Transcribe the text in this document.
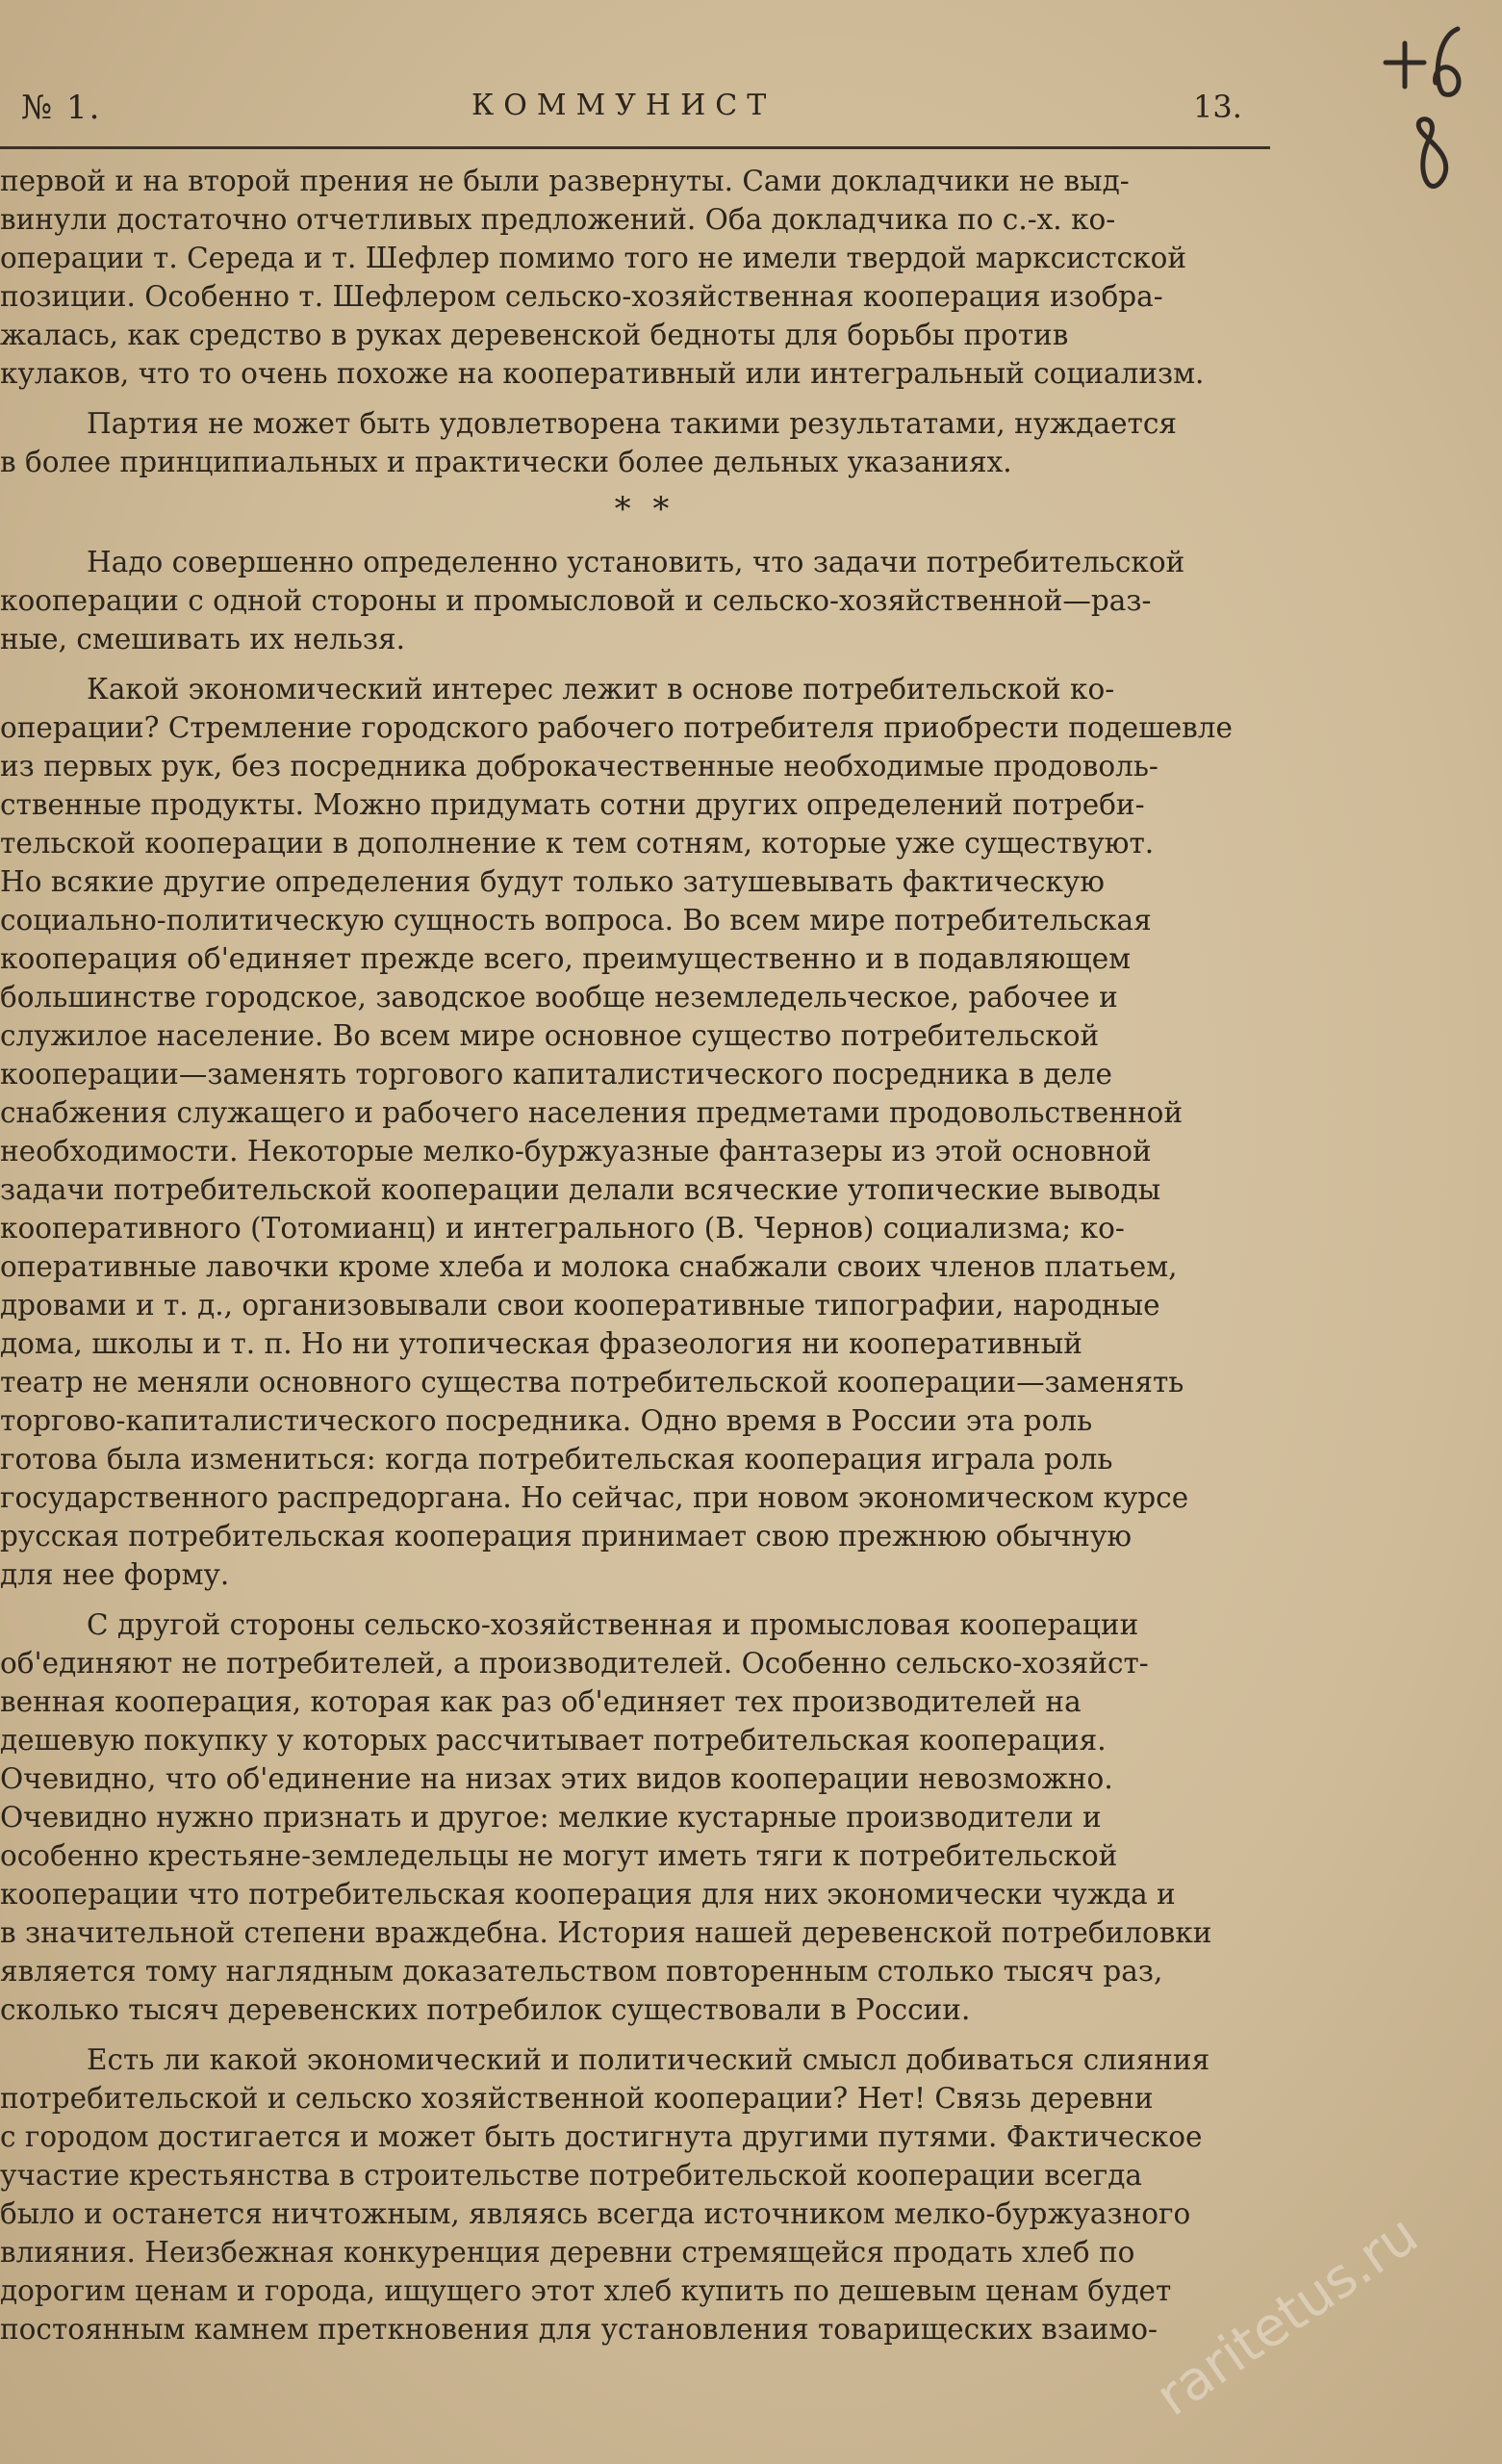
№ 1.	КОММУНИСТ	13.
первой и на второй прения не были развернуты. Сами докладчики не выд-
винули достаточно отчетливых предложений. Оба докладчика по с.-х. ко-
операции т. Середа и т. Шефлер помимо того не имели твердой марксистской
позиции. Особенно т. Шефлером сельско-хозяйственная кооперация изобра-
жалась, как средство в руках деревенской бедноты для борьбы против
кулаков, что то очень похоже на кооперативный или интегральный социализм.
Партия не может быть удовлетворена такими результатами, нуждается
в более принципиальных и практически более дельных указаниях.
* *
Надо совершенно определенно установить, что задачи потребительской
кооперации с одной стороны и промысловой и сельско-хозяйственной—раз-
ные, смешивать их нельзя.
Какой экономический интерес лежит в основе потребительской ко-
операции? Стремление городского рабочего потребителя приобрести подешевле
из первых рук, без посредника доброкачественные необходимые продоволь-
ственные продукты. Можно придумать сотни других определений потреби-
тельской кооперации в дополнение к тем сотням, которые уже существуют.
Но всякие другие определения будут только затушевывать фактическую
социально-политическую сущность вопроса. Во всем мире потребительская
кооперация об'единяет прежде всего, преимущественно и в подавляющем
большинстве городское, заводское вообще неземледельческое, рабочее и
служилое население. Во всем мире основное существо потребительской
кооперации—заменять торгового капиталистического посредника в деле
снабжения служащего и рабочего населения предметами продовольственной
необходимости. Некоторые мелко-буржуазные фантазеры из этой основной
задачи потребительской кооперации делали всяческие утопические выводы
кооперативного (Тотомианц) и интегрального (В. Чернов) социализма; ко-
оперативные лавочки кроме хлеба и молока снабжали своих членов платьем,
дровами и т. д., организовывали свои кооперативные типографии, народные
дома, школы и т. п. Но ни утопическая фразеология ни кооперативный
театр не меняли основного существа потребительской кооперации—заменять
торгово-капиталистического посредника. Одно время в России эта роль
готова была измениться: когда потребительская кооперация играла роль
государственного распредоргана. Но сейчас, при новом экономическом курсе
русская потребительская кооперация принимает свою прежнюю обычную
для нее форму.
С другой стороны сельско-хозяйственная и промысловая кооперации
об'единяют не потребителей, а производителей. Особенно сельско-хозяйст-
венная кооперация, которая как раз об'единяет тех производителей на
дешевую покупку у которых рассчитывает потребительская кооперация.
Очевидно, что об'единение на низах этих видов кооперации невозможно.
Очевидно нужно признать и другое: мелкие кустарные производители и
особенно крестьяне-земледельцы не могут иметь тяги к потребительской
кооперации что потребительская кооперация для них экономически чужда и
в значительной степени враждебна. История нашей деревенской потребиловки
является тому наглядным доказательством повторенным столько тысяч раз,
сколько тысяч деревенских потребилок существовали в России.
Есть ли какой экономический и политический смысл добиваться слияния
потребительской и сельско хозяйственной кооперации? Нет! Связь деревни
с городом достигается и может быть достигнута другими путями. Фактическое
участие крестьянства в строительстве потребительской кооперации всегда
было и останется ничтожным, являясь всегда источником мелко-буржуазного
влияния. Неизбежная конкуренция деревни стремящейся продать хлеб по
дорогим ценам и города, ищущего этот хлеб купить по дешевым ценам будет
постоянным камнем преткновения для установления товарищеских взаимо-
raritetus.ru
